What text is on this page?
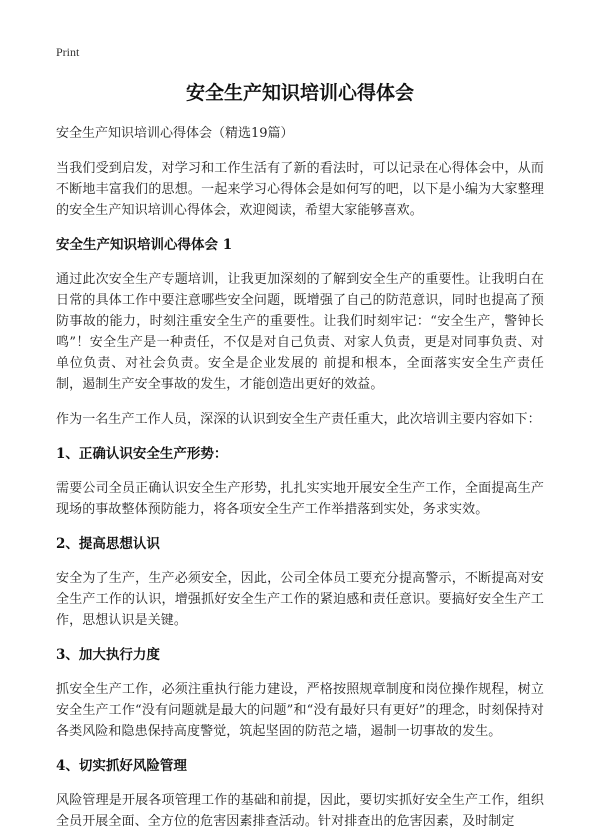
Print
安全生产知识培训心得体会
安全生产知识培训心得体会（精选19篇）

当我们受到启发，对学习和工作生活有了新的看法时，可以记录在心得体会中，从而不断地丰富我们的思想。一起来学习心得体会是如何写的吧，以下是小编为大家整理的安全生产知识培训心得体会，欢迎阅读，希望大家能够喜欢。

安全生产知识培训心得体会 1

通过此次安全生产专题培训，让我更加深刻的了解到安全生产的重要性。让我明白在日常的具体工作中要注意哪些安全问题，既增强了自己的防范意识，同时也提高了预防事故的能力，时刻注重安全生产的重要性。让我们时刻牢记：“安全生产，警钟长鸣”！安全生产是一种责任，不仅是对自己负责、对家人负责，更是对同事负责、对单位负责、对社会负责。安全是企业发展的 前提和根本，全面落实安全生产责任制，遏制生产安全事故的发生，才能创造出更好的效益。

作为一名生产工作人员，深深的认识到安全生产责任重大，此次培训主要内容如下：

1、正确认识安全生产形势：

需要公司全员正确认识安全生产形势，扎扎实实地开展安全生产工作，全面提高生产现场的事故整体预防能力，将各项安全生产工作举措落到实处，务求实效。

2、提高思想认识

安全为了生产，生产必须安全，因此，公司全体员工要充分提高警示，不断提高对安全生产工作的认识，增强抓好安全生产工作的紧迫感和责任意识。要搞好安全生产工作，思想认识是关键。

3、加大执行力度

抓安全生产工作，必须注重执行能力建设，严格按照规章制度和岗位操作规程，树立安全生产工作“没有问题就是最大的问题”和“没有最好只有更好”的理念，时刻保持对各类风险和隐患保持高度警觉，筑起坚固的防范之墙，遏制一切事故的发生。

4、切实抓好风险管理

风险管理是开展各项管理工作的基础和前提，因此，要切实抓好安全生产工作，组织全员开展全面、全方位的危害因素排查活动。针对排查出的危害因素，及时制定
